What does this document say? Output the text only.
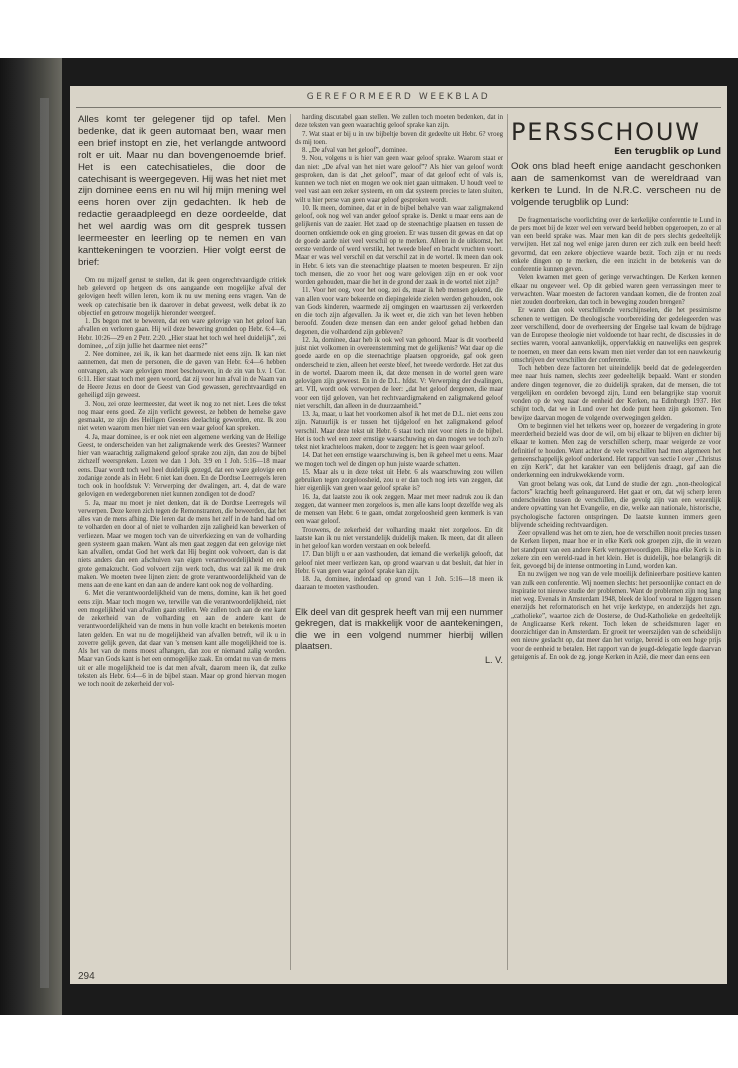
GEREFORMEERD WEEKBLAD

Alles komt ter gelegener tijd op tafel. Men bedenke, dat ik geen automaat ben, waar men een brief instopt en zie, het verlangde antwoord rolt er uit. Maar nu dan bovengenoemde brief. Het is een catechisatieles, die door de catechisant is weergegeven. Hij was het niet met zijn dominee eens en nu wil hij mijn mening wel eens horen over zijn gedachten. Ik heb de redactie geraadpleegd en deze oordeelde, dat het wel aardig was om dit gesprek tussen leermeester en leerling op te nemen en van kanttekeningen te voorzien. Hier volgt eerst de brief:

Om nu mijzelf gerust te stellen, dat ik geen ongerechtvaardigde critiek heb geleverd op hetgeen ds ons aangaande een mogelijke afval der gelovigen heeft willen leren, kom ik nu uw mening eens vragen. Van de week op catechisatie ben ik daarover in debat geweest, welk debat ik zo objectief en getrouw mogelijk hieronder weergeef.

1. Ds begon met te beweren, dat een ware gelovige van het geloof kan afvallen en verloren gaan. Hij wil deze bewering gronden op Hebr. 6:4—6, Hebr. 10:26—29 en 2 Petr. 2:20. „Hier staat het toch wel heel duidelijk”, zei dominee, „of zijn jullie het daarmee niet eens?”

2. Nee dominee, zei ik, ik kan het daarmede niet eens zijn. Ik kan niet aannemen, dat men de personen, die de gaven van Hebr. 6:4—6 hebben ontvangen, als ware gelovigen moet beschouwen, in de zin van b.v. 1 Cor. 6:11. Hier staat toch met geen woord, dat zij voor hun afval in de Naam van de Heere Jezus en door de Geest van God gewassen, gerechtvaardigd en geheiligd zijn geweest.

3. Nou, zei onze leermeester, dat weet ik nog zo net niet. Lees die tekst nog maar eens goed. Ze zijn verlicht geweest, ze hebben de hemelse gave gesmaakt, ze zijn des Heiligen Geestes deelachtig geworden, enz. Ik zou niet weten waarom men hier niet van een waar geloof kan spreken.

4. Ja, maar dominee, is er ook niet een algemene werking van de Heilige Geest, te onderscheiden van het zaligmakende werk des Geestes? Wanneer hier van waarachtig zaligmakend geloof sprake zou zijn, dan zou de bijbel zichzelf weerspreken. Lezen we dan 1 Joh. 3:9 en 1 Joh. 5:16—18 maar eens. Daar wordt toch wel heel duidelijk gezegd, dat een ware gelovige een zodanige zonde als in Hebr. 6 niet kan doen. En de Dordtse Leerregels leren toch ook in hoofdstuk V: Verwerping der dwalingen, art. 4, dat de ware gelovigen en wedergeborenen niet kunnen zondigen tot de dood?

5. Ja, maar nu moet je niet denken, dat ik de Dordtse Leerregels wil verwerpen. Deze keren zich tegen de Remonstranten, die beweerden, dat het alles van de mens afhing. Die leren dat de mens het zelf in de hand had om te volharden en door al of niet te volharden zijn zaligheid kan bewerken of verliezen. Maar we mogen toch van de uitverkiezing en van de volharding geen systeem gaan maken. Want als men gaat zeggen dat een gelovige niet kan afvallen, omdat God het werk dat Hij begint ook volvoert, dan is dat niets anders dan een afschuiven van eigen verantwoordelijkheid en een grote gemakzucht. God volvoert zijn werk toch, dus wat zal ik me druk maken. We moeten twee lijnen zien: de grote verantwoordelijkheid van de mens aan de ene kant en dan aan de andere kant ook nog de volharding.

6. Met die verantwoordelijkheid van de mens, domine, kan ik het goed eens zijn. Maar toch mogen we, terwille van die verantwoordelijkheid, niet een mogelijkheid van afvallen gaan stellen. We zullen toch aan de ene kant de zekerheid van de volharding en aan de andere kant de verantwoordelijkheid van de mens in hun volle kracht en betekenis moeten laten gelden. En wat nu de mogelijkheid van afvallen betreft, wil ik u in zoverre gelijk geven, dat daar van 's mensen kant alle mogelijkheid toe is. Als het van de mens moest afhangen, dan zou er niemand zalig worden. Maar van Gods kant is het een onmogelijke zaak. En omdat nu van de mens uit er alle mogelijkheid toe is dat men afvalt, daarom meen ik, dat zulke teksten als Hebr. 6:4—6 in de bijbel staan. Maar op grond hiervan mogen we toch nooit de zekerheid der vol-

harding discutabel gaan stellen. We zullen toch moeten bedenken, dat in deze teksten van geen waarachtig geloof sprake kan zijn.

7. Wat staat er bij u in uw bijbeltje boven dit gedeelte uit Hebr. 6? vroeg ds mij toen.

8. „De afval van het geloof”, dominee.

9. Nou, volgens u is hier van geen waar geloof sprake. Waarom staat er dan niet: „De afval van het niet ware geloof”? Als hier van geloof wordt gesproken, dan is dat „het geloof”, maar of dat geloof echt of vals is, kunnen we toch niet en mogen we ook niet gaan uitmaken. U houdt veel te veel vast aan een zeker systeem, en om dat systeem precies te laten sluiten, wilt u hier perse van geen waar geloof gesproken wordt.

10. Ik meen, dominee, dat er in de bijbel behalve van waar zaligmakend geloof, ook nog wel van ander geloof sprake is. Denkt u maar eens aan de gelijkenis van de zaaier. Het zaad op de steenachtige plaatsen en tussen de doornen ontkiemde ook en ging groeien. Er was tussen dit gewas en dat op de goede aarde niet veel verschil op te merken. Alleen in de uitkomst, het eerste verdorde of werd verstikt, het tweede bleef en bracht vruchten voort. Maar er was wel verschil en dat verschil zat in de wortel. Ik meen dan ook in Hebr. 6 iets van die steenachtige plaatsen te moeten bespeuren. Er zijn toch mensen, die zo voor het oog ware gelovigen zijn en er ook voor worden gehouden, maar die het in de grond der zaak in de wortel niet zijn?

11. Voor het oog, voor het oog, zei ds, maar ik heb mensen gekend, die van allen voor ware bekeerde en diepingeleide zielen werden gehouden, ook van Gods kinderen, waarmede zij omgingen en waartussen zij verkeerden en die toch zijn afgevallen. Ja ik weet er, die zich van het leven hebben beroofd. Zouden deze mensen dan een ander geloof gehad hebben dan degenen, die volhardend zijn gebleven?

12. Ja, dominee, daar heb ik ook wel van gehoord. Maar is dit voorbeeld juist niet volkomen in overeenstemming met de gelijkenis? Wat daar op die goede aarde en op die steenachtige plaatsen opgroeide, gaf ook geen onderscheid te zien, alleen het eerste bleef, het tweede verdorde. Het zat dus in de wortel. Daarom meen ik, dat deze mensen in de wortel geen ware gelovigen zijn geweest. En in de D.L. hfdst. V: Verwerping der dwalingen, art. VII, wordt ook verworpen de leer: „dat het geloof dergenen, die maar voor een tijd geloven, van het rechtvaardigmakend en zaligmakend geloof niet verschilt, dan alleen in de duurzaamheid.”

13. Ja, maar, u laat het voorkomen alsof ik het met de D.L. niet eens zou zijn. Natuurlijk is er tussen het tijdgeloof en het zaligmakend geloof verschil. Maar deze tekst uit Hebr. 6 staat toch niet voor niets in de bijbel. Het is toch wel een zeer ernstige waarschuwing en dan mogen we toch zo'n tekst niet krachteloos maken, door te zeggen: het is geen waar geloof.

14. Dat het een ernstige waarschuwing is, ben ik geheel met u eens. Maar we mogen toch wel de dingen op hun juiste waarde schatten.

15. Maar als u in deze tekst uit Hebr. 6 als waarschuwing zou willen gebruiken tegen zorgeloosheid, zou u er dan toch nog iets van zeggen, dat hier eigenlijk van geen waar geloof sprake is?

16. Ja, dat laatste zou ik ook zeggen. Maar met meer nadruk zou ik dan zeggen, dat wanneer men zorgeloos is, men alle kans loopt dezelfde weg als de mensen van Hebr. 6 te gaan, omdat zorgeloosheid geen kenmerk is van een waar geloof.

Trouwens, de zekerheid der volharding maakt niet zorgeloos. En dit laatste kan ik nu niet verstandelijk duidelijk maken. Ik meen, dat dit alleen in het geloof kan worden verstaan en ook beleefd.

17. Dan blijft u er aan vasthouden, dat iemand die werkelijk gelooft, dat geloof niet meer verliezen kan, op grond waarvan u dat besluit, dat hier in Hebr. 6 van geen waar geloof sprake kan zijn.

18. Ja, dominee, inderdaad op grond van 1 Joh. 5:16—18 meen ik daaraan te moeten vasthouden.

Elk deel van dit gesprek heeft van mij een nummer gekregen, dat is makkelijk voor de aantekeningen, die we in een volgend nummer hierbij willen plaatsen.

L. V.
PERSSCHOUW
Een terugblik op Lund

Ook ons blad heeft enige aandacht geschonken aan de samenkomst van de wereldraad van kerken te Lund. In de N.R.C. verscheen nu de volgende terugblik op Lund:

De fragmentarische voorlichting over de kerkelijke conferentie te Lund in de pers moet bij de lezer wel een verward beeld hebben opgeroepen, zo er al van een beeld sprake was. Maar men kan dit de pers slechts gedeeltelijk verwijten. Het zal nog wel enige jaren duren eer zich zulk een beeld heeft gevormd, dat een zekere objectieve waarde bezit. Toch zijn er nu reeds enkele dingen op te merken, die een inzicht in de betekenis van de conferentie kunnen geven.

Velen kwamen met geen of geringe verwachtingen. De Kerken kennen elkaar nu ongeveer wel. Op dit gebied waren geen verrassingen meer te verwachten. Waar moesten de factoren vandaan komen, die de fronten zoal niet zouden doorbreken, dan toch in beweging zouden brengen?

Er waren dan ook verschillende verschijnselen, die het pessimisme schenen te wettigen. De theologische voorbereiding der gedelegeerden was zeer verschillend, door de overheersing der Engelse taal kwam de bijdrage van de Europese theologie niet voldoende tot haar recht, de discussies in de secties waren, vooral aanvankelijk, oppervlakkig en nauwelijks een gesprek te noemen, en meer dan eens kwam men niet verder dan tot een nauwkeurig omschrijven der verschillen der conferentie.

Toch hebben deze factoren het uiteindelijk beeld dat de gedelegeerden mee naar huis namen, slechts zeer gedeeltelijk bepaald. Want er stonden andere dingen tegenover, die zo duidelijk spraken, dat de mensen, die tot vergelijken en oordelen bevoegd zijn, Lund een belangrijke stap vooruit vonden op de weg naar de eenheid der Kerken, na Edinburgh 1937. Het schijnt toch, dat we in Lund over het dode punt heen zijn gekomen. Ten bewijze daarvan mogen de volgende overwegingen gelden.

Om te beginnen viel het telkens weer op, hoezeer de vergadering in grote meerderheid bezield was door de wil, om bij elkaar te blijven en dichter bij elkaar te komen. Men zag de verschillen scherp, maar weigerde ze voor definitief te houden. Want achter de vele verschillen had men algemeen het gemeenschappelijk geloof onderkend. Het rapport van sectie I over „Christus en zijn Kerk”, dat het karakter van een belijdenis draagt, gaf aan die onderkenning een indrukwekkende vorm.

Van groot belang was ook, dat Lund de studie der zgn. „non-theological factors” krachtig heeft geïnaugureerd. Het gaat er om, dat wij scherp leren onderscheiden tussen de verschillen, die gevolg zijn van een wezenlijk andere opvatting van het Evangelie, en die, welke aan nationale, historische, psychologische factoren ontspringen. De laatste kunnen immers geen blijvende scheiding rechtvaardigen.

Zeer opvallend was het om te zien, hoe de verschillen nooit precies tussen de Kerken liepen, maar hoe er in elke Kerk ook groepen zijn, die in wezen het standpunt van een andere Kerk vertegenwoordigen. Bijna elke Kerk is in zekere zin een wereld-raad in het klein. Het is duidelijk, hoe belangrijk dit feit, gevoegd bij de intense ontmoeting in Lund, worden kan.

En nu zwijgen we nog van de vele moeilijk definieerbare positieve kanten van zulk een conferentie. Wij noemen slechts: het persoonlijke contact en de inspiratie tot nieuwe studie der problemen. Want de problemen zijn nog lang niet weg. Evenals in Amsterdam 1948, bleek de kloof vooral te liggen tussen enerzijds het reformatorisch en het vrije kerktype, en anderzijds het zgn. „catholieke”, waartoe zich de Oosterse, de Oud-Katholieke en gedeeltelijk de Anglicaanse Kerk rekent. Toch leken de scheidsmuren lager en doorzichtiger dan in Amsterdam. Er groeit ter weerszijden van de scheidslijn een nieuw geslacht op, dat meer dan het vorige, bereid is om een hoge prijs voor de eenheid te betalen. Het rapport van de jeugd-delegatie legde daarvan getuigenis af. En ook de zg. jonge Kerken in Azië, die meer dan eens een

294
